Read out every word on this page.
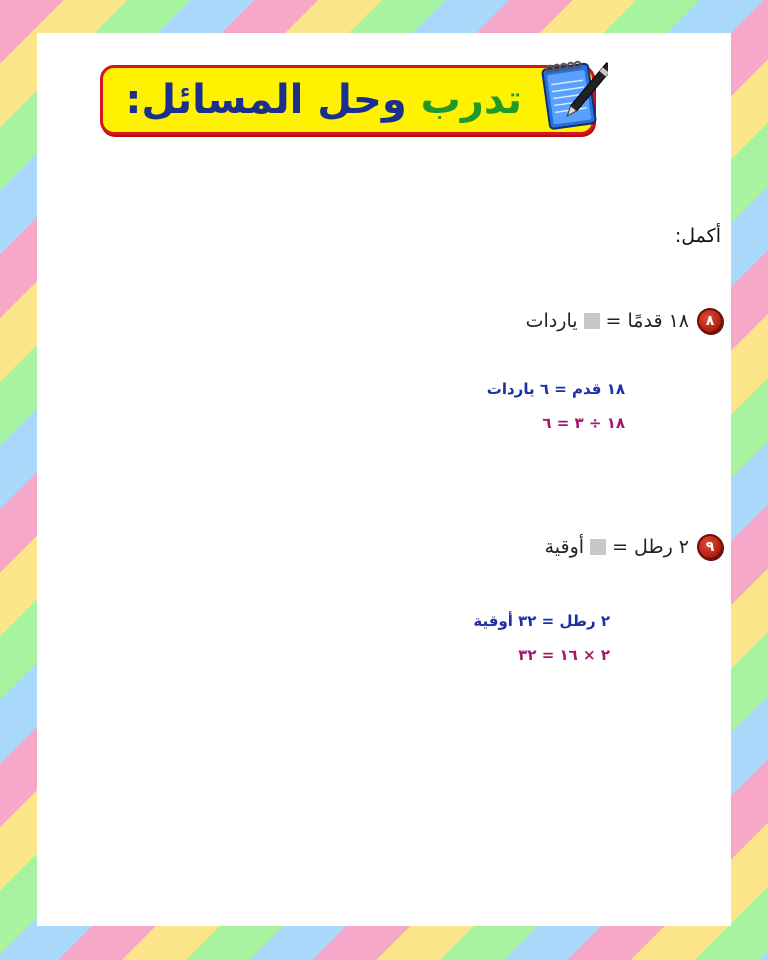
تدرب وحل المسائل:
أكمل:
٨
١٨ قدمًا =
ياردات
١٨ قدم = ٦ ياردات
١٨ ÷ ٣ = ٦
٩
٢ رطل =
أوقية
٢ رطل = ٣٢ أوقية
٢ × ١٦ = ٣٢
